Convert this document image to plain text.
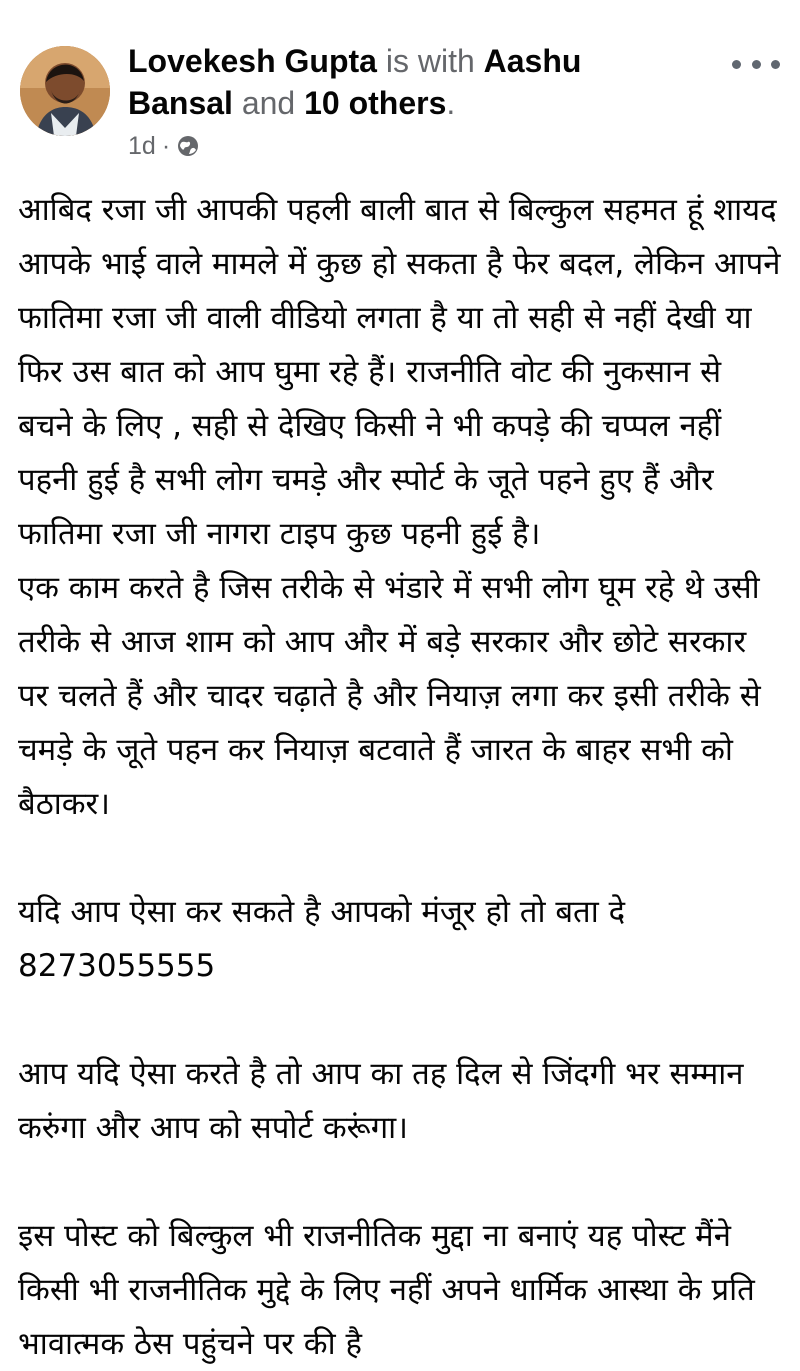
Lovekesh Gupta is with Aashu Bansal and 10 others.
1d ·

आबिद रजा जी आपकी पहली बाली बात से बिल्कुल सहमत हूं शायद आपके भाई वाले मामले में कुछ हो सकता है फेर बदल, लेकिन आपने फातिमा रजा जी वाली वीडियो लगता है या तो सही से नहीं देखी या फिर उस बात को आप घुमा रहे हैं। राजनीति वोट की नुकसान से बचने के लिए , सही से देखिए किसी ने भी कपड़े की चप्पल नहीं पहनी हुई है सभी लोग चमड़े और स्पोर्ट के जूते पहने हुए हैं और फातिमा रजा जी नागरा टाइप कुछ पहनी हुई है।

एक काम करते है जिस तरीके से भंडारे में सभी लोग घूम रहे थे उसी तरीके से आज शाम को आप और में बड़े सरकार और छोटे सरकार पर चलते हैं और चादर चढ़ाते है और नियाज़ लगा कर इसी तरीके से चमड़े के जूते पहन कर नियाज़ बटवाते हैं जारत के बाहर सभी को बैठाकर।

यदि आप ऐसा कर सकते है आपको मंजूर हो तो बता दे
8273055555

आप यदि ऐसा करते है तो आप का तह दिल से जिंदगी भर सम्मान करुंगा और आप को सपोर्ट करूंगा।

इस पोस्ट को बिल्कुल भी राजनीतिक मुद्दा ना बनाएं यह पोस्ट मैंने किसी भी राजनीतिक मुद्दे के लिए नहीं अपने धार्मिक आस्था के प्रति भावात्मक ठेस पहुंचने पर की है
